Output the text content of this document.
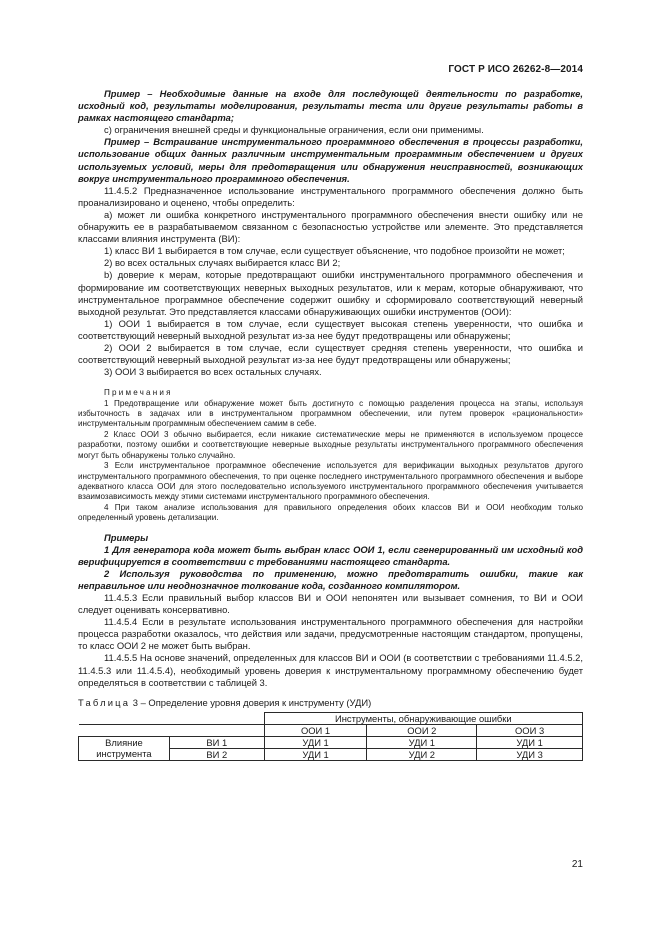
ГОСТ Р ИСО 26262-8—2014

Пример – Необходимые данные на входе для последующей деятельности по разработке, исходный код, результаты моделирования, результаты теста или другие результаты работы в рамках настоящего стандарта;

с) ограничения внешней среды и функциональные ограничения, если они применимы.

Пример – Встраивание инструментального программного обеспечения в процессы разработки, использование общих данных различным инструментальным программным обеспечением и других используемых условий, меры для предотвращения или обнаружения неисправностей, возникающих вокруг инструментального программного обеспечения.

11.4.5.2 Предназначенное использование инструментального программного обеспечения должно быть проанализировано и оценено, чтобы определить:

а) может ли ошибка конкретного инструментального программного обеспечения внести ошибку или не обнаружить ее в разрабатываемом связанном с безопасностью устройстве или элементе. Это представляется классами влияния инструмента (ВИ):

1) класс ВИ 1 выбирается в том случае, если существует объяснение, что подобное произойти не может;

2) во всех остальных случаях выбирается класс ВИ 2;

b) доверие к мерам, которые предотвращают ошибки инструментального программного обеспечения и формирование им соответствующих неверных выходных результатов, или к мерам, которые обнаруживают, что инструментальное программное обеспечение содержит ошибку и сформировало соответствующий неверный выходной результат. Это представляется классами обнаруживающих ошибки инструментов (ООИ):

1) ООИ 1 выбирается в том случае, если существует высокая степень уверенности, что ошибка и соответствующий неверный выходной результат из-за нее будут предотвращены или обнаружены;

2) ООИ 2 выбирается в том случае, если существует средняя степень уверенности, что ошибка и соответствующий неверный выходной результат из-за нее будут предотвращены или обнаружены;

3) ООИ 3 выбирается во всех остальных случаях.

Примечания

1 Предотвращение или обнаружение может быть достигнуто с помощью разделения процесса на этапы, используя избыточность в задачах или в инструментальном программном обеспечении, или путем проверок «рациональности» инструментальным программным обеспечением самим в себе.

2 Класс ООИ 3 обычно выбирается, если никакие систематические меры не применяются в используемом процессе разработки, поэтому ошибки и соответствующие неверные выходные результаты инструментального программного обеспечения могут быть обнаружены только случайно.

3 Если инструментальное программное обеспечение используется для верификации выходных результатов другого инструментального программного обеспечения, то при оценке последнего инструментального программного обеспечения и выборе адекватного класса ООИ для этого последовательно используемого инструментального программного обеспечения учитывается взаимозависимость между этими системами инструментального программного обеспечения.

4 При таком анализе использования для правильного определения обоих классов ВИ и ООИ необходим только определенный уровень детализации.

Примеры

1 Для генератора кода может быть выбран класс ООИ 1, если сгенерированный им исходный код верифицируется в соответствии с требованиями настоящего стандарта.

2 Используя руководства по применению, можно предотвратить ошибки, такие как неправильное или неоднозначное толкование кода, созданного компилятором.

11.4.5.3 Если правильный выбор классов ВИ и ООИ непонятен или вызывает сомнения, то ВИ и ООИ следует оценивать консервативно.

11.4.5.4 Если в результате использования инструментального программного обеспечения для настройки процесса разработки оказалось, что действия или задачи, предусмотренные настоящим стандартом, пропущены, то класс ООИ 2 не может быть выбран.

11.4.5.5 На основе значений, определенных для классов ВИ и ООИ (в соответствии с требованиями 11.4.5.2, 11.4.5.3 или 11.4.5.4), необходимый уровень доверия к инструментальному программному обеспечению будет определяться в соответствии с таблицей 3.

Таблица 3 – Определение уровня доверия к инструменту (УДИ)

		Инструменты, обнаруживающие ошибки		
		ООИ 1	ООИ 2	ООИ 3
Влияние инструмента	ВИ 1	УДИ 1	УДИ 1	УДИ 1
	ВИ 2	УДИ 1	УДИ 2	УДИ 3
21
